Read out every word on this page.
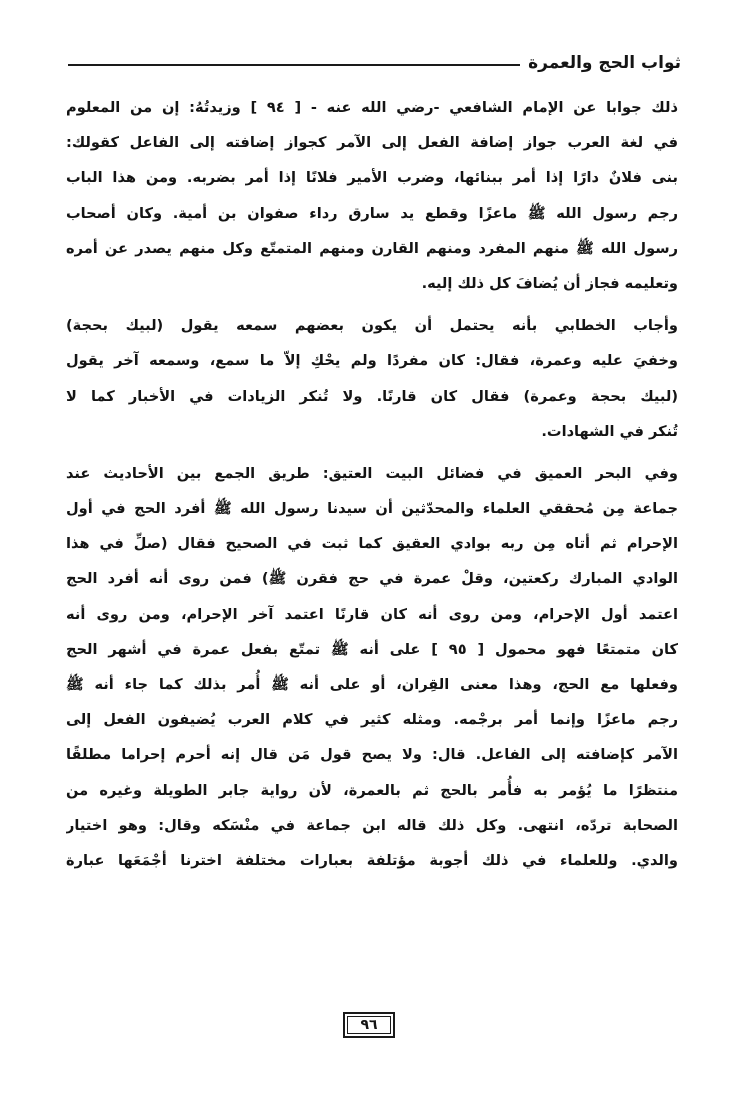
ثواب الحج والعمرة
ذلك جوابا عن الإمام الشافعي -رضي الله عنه - [ ٩٤ ] وزيدتُهُ: إن من المعلوم
في لغة العرب جواز إضافة الفعل إلى الآمر كجواز إضافته إلى الفاعل كقولك:
بنى فلانٌ دارًا إذا أمر ببنائها، وضرب الأمير فلانًا إذا أمر بضربه. ومن هذا الباب
رجم رسول الله ﷺ ماعزًا وقطع يد سارق رداء صفوان بن أمية. وكان أصحاب
رسول الله ﷺ منهم المفرد ومنهم القارن ومنهم المتمتّع وكل منهم يصدر عن أمره
وتعليمه فجاز أن يُضافَ كل ذلك إليه.
وأجاب الخطابي بأنه يحتمل أن يكون بعضهم سمعه يقول (لبيك بحجة)
وخفيَ عليه وعمرة، فقال: كان مفردًا ولم يحْكِ إلاّ ما سمع، وسمعه آخر يقول
(لبيك بحجة وعمرة) فقال كان قارنًا. ولا تُنكر الزيادات في الأخبار كما لا
تُنكر في الشهادات.
وفي البحر العميق في فضائل البيت العتيق: طريق الجمع بين الأحاديث عند
جماعة مِن مُحققي العلماء والمحدّثين أن سيدنا رسول الله ﷺ أفرد الحج في أول
الإحرام ثم أتاه مِن ربه بوادي العقيق كما ثبت في الصحيح فقال (صلِّ في هذا
الوادي المبارك ركعتين، وقلْ عمرة في حج فقرن ﷺ) فمن روى أنه أفرد الحج
اعتمد أول الإحرام، ومن روى أنه كان قارنًا اعتمد آخر الإحرام، ومن روى أنه
كان متمتعًا فهو محمول [ ٩٥ ] على أنه ﷺ تمتّع بفعل عمرة في أشهر الحج
وفعلها مع الحج، وهذا معنى القِران، أو على أنه ﷺ أُمر بذلك كما جاء أنه ﷺ
رجم ماعزًا وإنما أمر برجْمه. ومثله كثير في كلام العرب يُضيفون الفعل إلى
الآمر كإضافته إلى الفاعل. قال: ولا يصح قول مَن قال إنه أحرم إحراما مطلقًا
منتظرًا ما يُؤمر به فأُمر بالحج ثم بالعمرة، لأن رواية جابر الطويلة وغيره من
الصحابة تردّه، انتهى. وكل ذلك قاله ابن جماعة في منْسَكه وقال: وهو اختيار
والدي. وللعلماء في ذلك أجوبة مؤتلفة بعبارات مختلفة اخترنا أجْمَعَها عبارة
٩٦
